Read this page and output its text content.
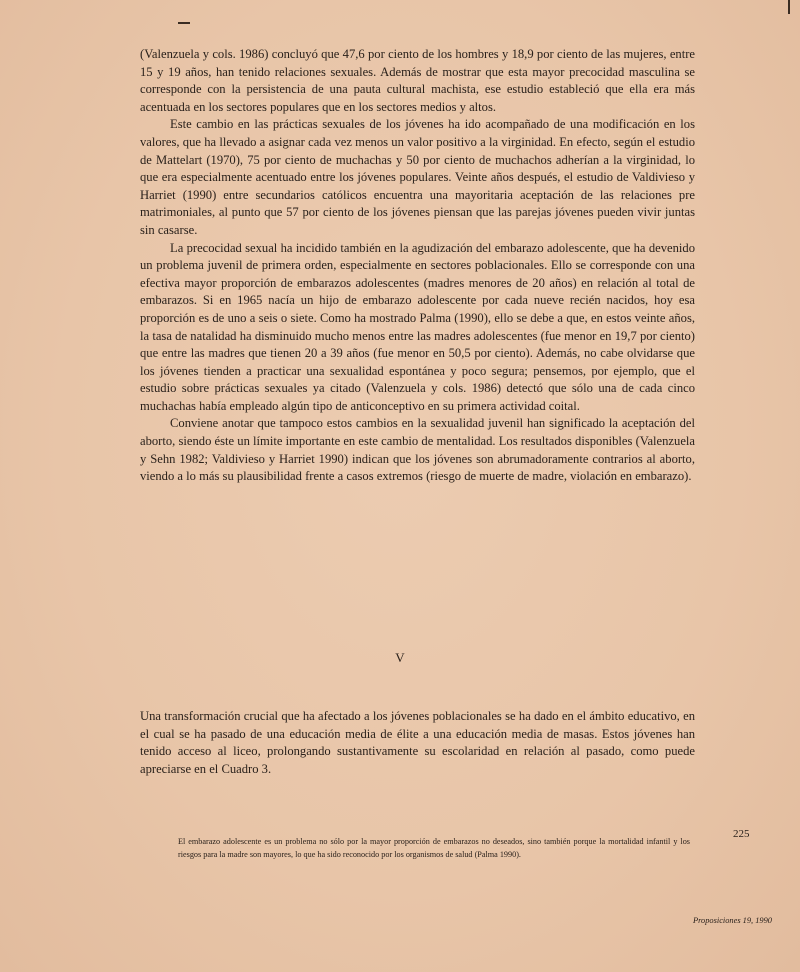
(Valenzuela y cols. 1986) concluyó que 47,6 por ciento de los hombres y 18,9 por ciento de las mujeres, entre 15 y 19 años, han tenido relaciones sexuales. Además de mostrar que esta mayor precocidad masculina se corresponde con la persistencia de una pauta cultural machista, ese estudio estableció que ella era más acentuada en los sectores populares que en los sectores medios y altos.

Este cambio en las prácticas sexuales de los jóvenes ha ido acompañado de una modificación en los valores, que ha llevado a asignar cada vez menos un valor positivo a la virginidad. En efecto, según el estudio de Mattelart (1970), 75 por ciento de muchachas y 50 por ciento de muchachos adherían a la virginidad, lo que era especialmente acentuado entre los jóvenes populares. Veinte años después, el estudio de Valdivieso y Harriet (1990) entre secundarios católicos encuentra una mayoritaria aceptación de las relaciones pre matrimoniales, al punto que 57 por ciento de los jóvenes piensan que las parejas jóvenes pueden vivir juntas sin casarse.

La precocidad sexual ha incidido también en la agudización del embarazo adolescente, que ha devenido un problema juvenil de primera orden, especialmente en sectores poblacionales. Ello se corresponde con una efectiva mayor proporción de embarazos adolescentes (madres menores de 20 años) en relación al total de embarazos. Si en 1965 nacía un hijo de embarazo adolescente por cada nueve recién nacidos, hoy esa proporción es de uno a seis o siete. Como ha mostrado Palma (1990), ello se debe a que, en estos veinte años, la tasa de natalidad ha disminuido mucho menos entre las madres adolescentes (fue menor en 19,7 por ciento) que entre las madres que tienen 20 a 39 años (fue menor en 50,5 por ciento). Además, no cabe olvidarse que los jóvenes tienden a practicar una sexualidad espontánea y poco segura; pensemos, por ejemplo, que el estudio sobre prácticas sexuales ya citado (Valenzuela y cols. 1986) detectó que sólo una de cada cinco muchachas había empleado algún tipo de anticonceptivo en su primera actividad coital.

Conviene anotar que tampoco estos cambios en la sexualidad juvenil han significado la aceptación del aborto, siendo éste un límite importante en este cambio de mentalidad. Los resultados disponibles (Valenzuela y Sehn 1982; Valdivieso y Harriet 1990) indican que los jóvenes son abrumadoramente contrarios al aborto, viendo a lo más su plausibilidad frente a casos extremos (riesgo de muerte de madre, violación en embarazo).

V

Una transformación crucial que ha afectado a los jóvenes poblacionales se ha dado en el ámbito educativo, en el cual se ha pasado de una educación media de élite a una educación media de masas. Estos jóvenes han tenido acceso al liceo, prolongando sustantivamente su escolaridad en relación al pasado, como puede apreciarse en el Cuadro 3.

225

El embarazo adolescente es un problema no sólo por la mayor proporción de embarazos no deseados, sino también porque la mortalidad infantil y los riesgos para la madre son mayores, lo que ha sido reconocido por los organismos de salud (Palma 1990).

Proposiciones 19, 1990
